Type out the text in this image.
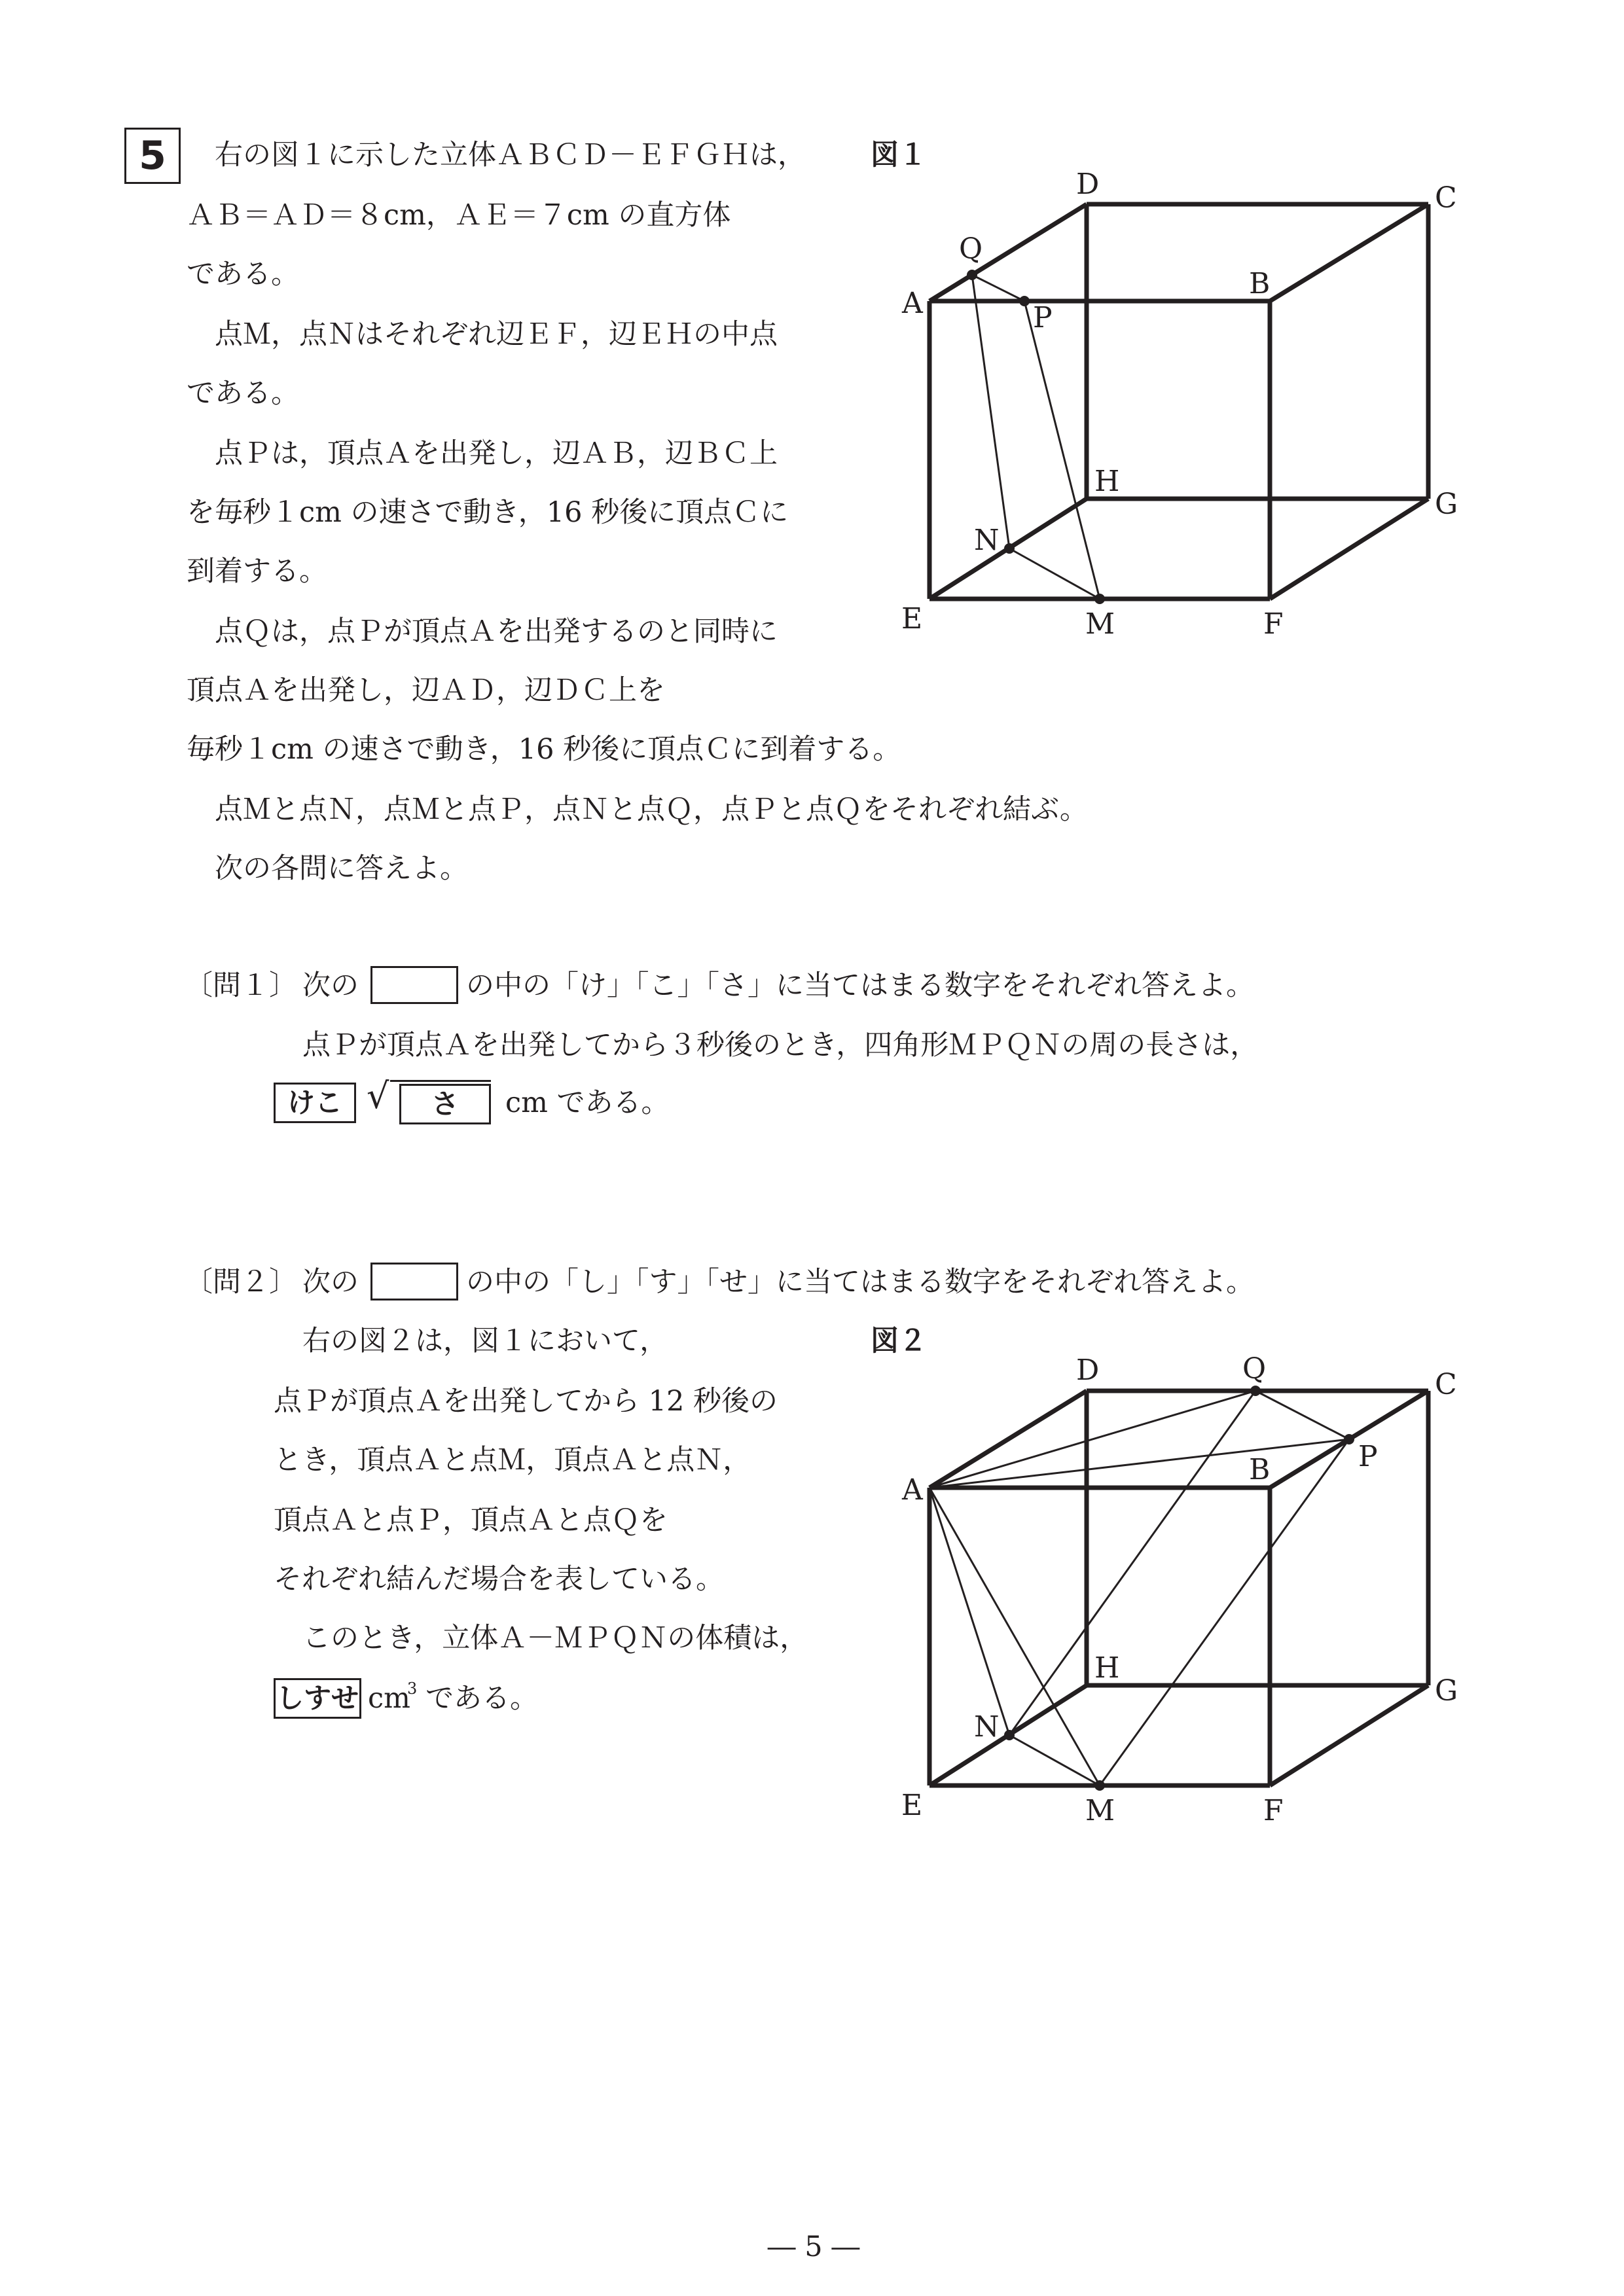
5	右の図１に示した立体ＡＢＣＤ－ＥＦＧＨは，
ＡＢ＝ＡＤ＝８cm，ＡＥ＝７cm の直方体
である。
点Ｍ，点Ｎはそれぞれ辺ＥＦ，辺ＥＨの中点
である。
点Ｐは，頂点Ａを出発し，辺ＡＢ，辺ＢＣ上
を毎秒１cm の速さで動き，16 秒後に頂点Ｃに
到着する。
点Ｑは，点Ｐが頂点Ａを出発するのと同時に
頂点Ａを出発し，辺ＡＤ，辺ＤＣ上を
毎秒１cm の速さで動き，16 秒後に頂点Ｃに到着する。
点Ｍと点Ｎ，点Ｍと点Ｐ，点Ｎと点Ｑ，点Ｐと点Ｑをそれぞれ結ぶ。
次の各問に答えよ。
図１
A
B
C
D
E	F
G
H
M
N
P
Q
〔問１〕 次の	の中の「け」「こ」「さ」に当てはまる数字をそれぞれ答えよ。
点Ｐが頂点Ａを出発してから３秒後のとき，四角形ＭＰＱＮの周の長さは，
けこ √	さ	cm である。
〔問２〕 次の	の中の「し」「す」「せ」に当てはまる数字をそれぞれ答えよ。
右の図２は，図１において，
点Ｐが頂点Ａを出発してから 12 秒後の
とき，頂点Ａと点Ｍ，頂点Ａと点Ｎ，
頂点Ａと点Ｐ，頂点Ａと点Ｑを
それぞれ結んだ場合を表している。
このとき，立体Ａ－ＭＰＱＮの体積は，
しすせ cm
3 である。
図２
A
B
C
D
E	F
G
H
M
N
P
Q
― 5 ―
